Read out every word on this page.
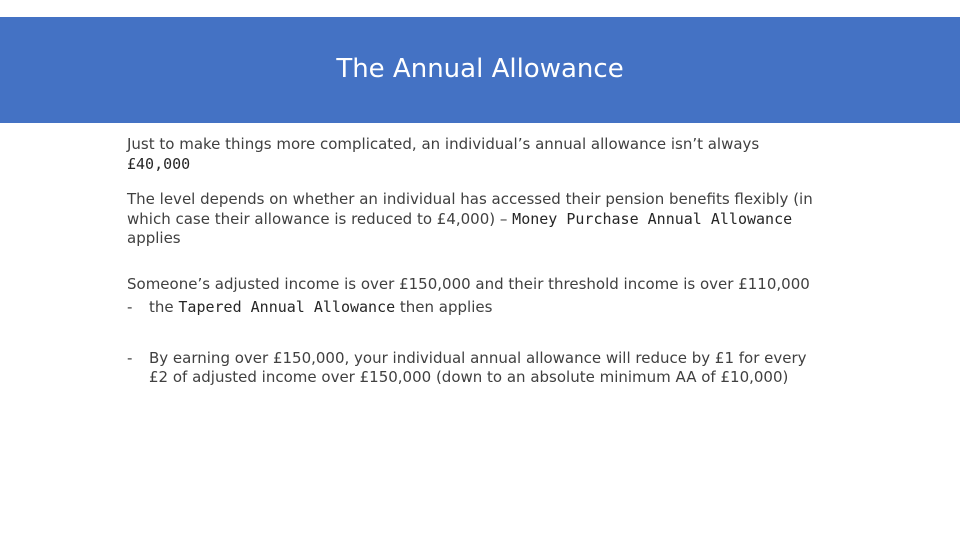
The Annual Allowance

Just to make things more complicated, an individual’s annual allowance isn’t always
£40,000

The level depends on whether an individual has accessed their pension benefits flexibly (in which case their allowance is reduced to £4,000) – Money Purchase Annual Allowance applies

Someone’s adjusted income is over £150,000 and their threshold income is over £110,000

-	the Tapered Annual Allowance then applies
-	By earning over £150,000, your individual annual allowance will reduce by £1 for every £2 of adjusted income over £150,000 (down to an absolute minimum AA of £10,000)
